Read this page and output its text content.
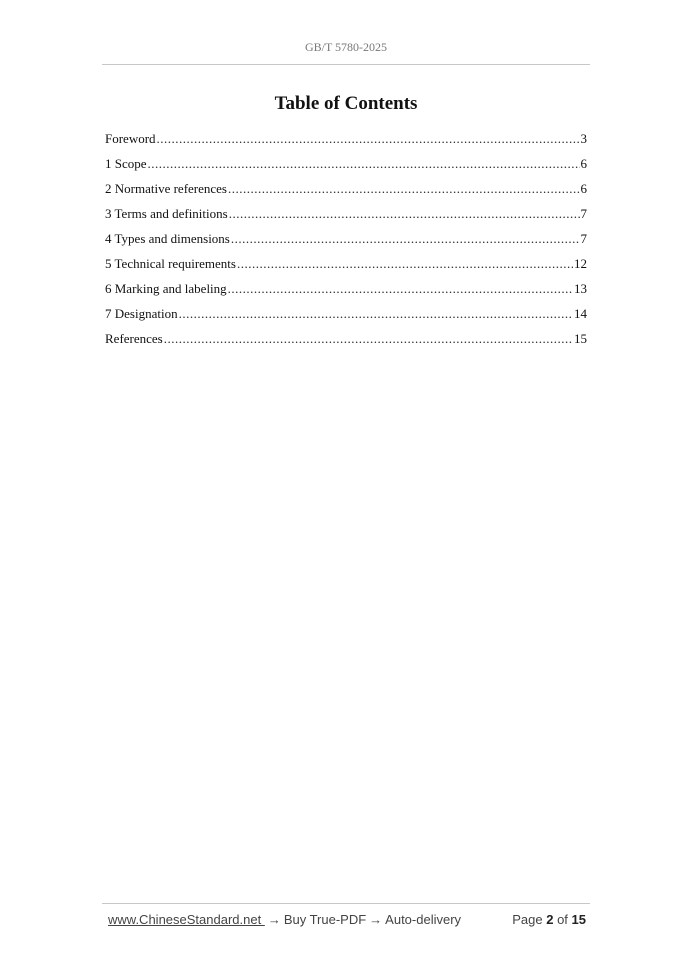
GB/T 5780-2025
Table of Contents
Foreword .....	3
1 Scope .....	6
2 Normative references .....	6
3 Terms and definitions .....	7
4 Types and dimensions .....	7
5 Technical requirements .....	12
6 Marking and labeling .....	13
7 Designation .....	14
References .....	15
www.ChineseStandard.net → Buy True-PDF → Auto-delivery	Page 2 of 15
